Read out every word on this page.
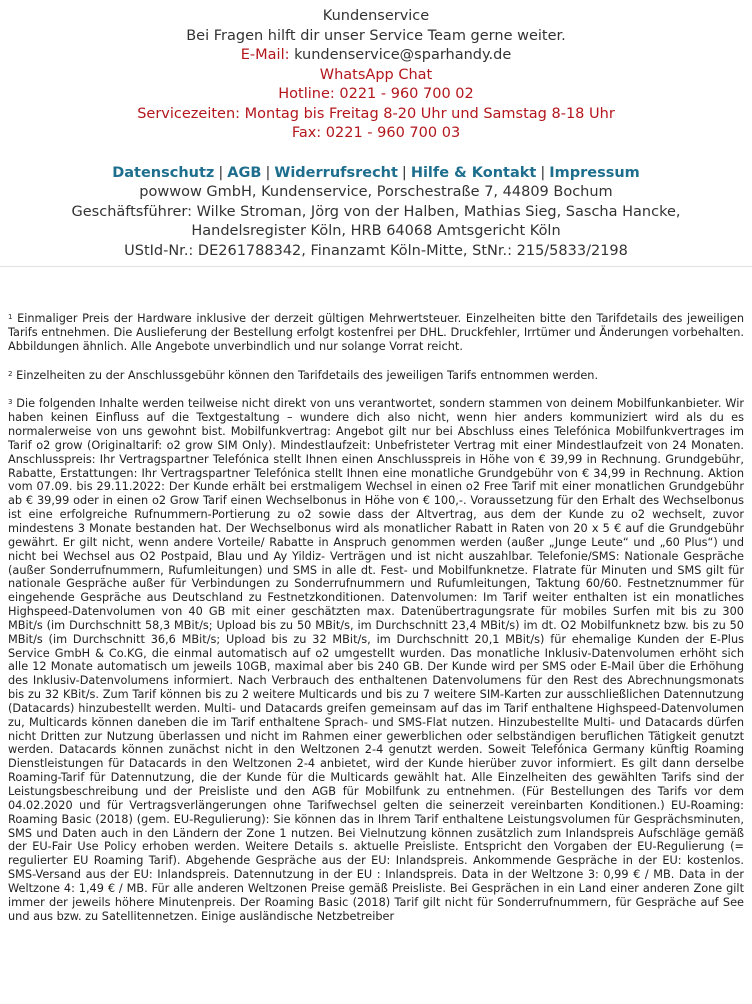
Kundenservice
Bei Fragen hilft dir unser Service Team gerne weiter.
E-Mail: kundenservice@sparhandy.de
WhatsApp Chat
Hotline: 0221 - 960 700 02
Servicezeiten: Montag bis Freitag 8-20 Uhr und Samstag 8-18 Uhr
Fax: 0221 - 960 700 03
Datenschutz | AGB | Widerrufsrecht | Hilfe & Kontakt | Impressum
powwow GmbH, Kundenservice, Porschestraße 7, 44809 Bochum
Geschäftsführer: Wilke Stroman, Jörg von der Halben, Mathias Sieg, Sascha Hancke,
Handelsregister Köln, HRB 64068 Amtsgericht Köln
UStId-Nr.: DE261788342, Finanzamt Köln-Mitte, StNr.: 215/5833/2198

$^1$ Einmaliger Preis der Hardware inklusive der derzeit gültigen Mehrwertsteuer. Einzelheiten bitte den Tarifdetails des jeweiligen Tarifs entnehmen. Die Auslieferung der Bestellung erfolgt kostenfrei per DHL. Druckfehler, Irrtümer und Änderungen vorbehalten. Abbildungen ähnlich. Alle Angebote unverbindlich und nur solange Vorrat reicht.

$^2$ Einzelheiten zu der Anschlussgebühr können den Tarifdetails des jeweiligen Tarifs entnommen werden.

$^3$ Die folgenden Inhalte werden teilweise nicht direkt von uns verantwortet, sondern stammen von deinem Mobilfunkanbieter. Wir haben keinen Einfluss auf die Textgestaltung – wundere dich also nicht, wenn hier anders kommuniziert wird als du es normalerweise von uns gewohnt bist. Mobilfunkvertrag: Angebot gilt nur bei Abschluss eines Telefónica Mobilfunkvertrages im Tarif o2 grow (Originaltarif: o2 grow SIM Only). Mindestlaufzeit: Unbefristeter Vertrag mit einer Mindestlaufzeit von 24 Monaten. Anschlusspreis: Ihr Vertragspartner Telefónica stellt Ihnen einen Anschlusspreis in Höhe von € 39,99 in Rechnung. Grundgebühr, Rabatte, Erstattungen: Ihr Vertragspartner Telefónica stellt Ihnen eine monatliche Grundgebühr von € 34,99 in Rechnung. Aktion vom 07.09. bis 29.11.2022: Der Kunde erhält bei erstmaligem Wechsel in einen o2 Free Tarif mit einer monatlichen Grundgebühr ab € 39,99 oder in einen o2 Grow Tarif einen Wechselbonus in Höhe von € 100,-. Voraussetzung für den Erhalt des Wechselbonus ist eine erfolgreiche Rufnummern-Portierung zu o2 sowie dass der Altvertrag, aus dem der Kunde zu o2 wechselt, zuvor mindestens 3 Monate bestanden hat. Der Wechselbonus wird als monatlicher Rabatt in Raten von 20 x 5 € auf die Grundgebühr gewährt. Er gilt nicht, wenn andere Vorteile/ Rabatte in Anspruch genommen werden (außer „Junge Leute“ und „60 Plus“) und nicht bei Wechsel aus O2 Postpaid, Blau und Ay Yildiz- Verträgen und ist nicht auszahlbar. Telefonie/SMS: Nationale Gespräche (außer Sonderrufnummern, Rufumleitungen) und SMS in alle dt. Fest- und Mobilfunknetze. Flatrate für Minuten und SMS gilt für nationale Gespräche außer für Verbindungen zu Sonderrufnummern und Rufumleitungen, Taktung 60/60. Festnetznummer für eingehende Gespräche aus Deutschland zu Festnetzkonditionen. Datenvolumen: Im Tarif weiter enthalten ist ein monatliches Highspeed-Datenvolumen von 40 GB mit einer geschätzten max. Datenübertragungsrate für mobiles Surfen mit bis zu 300 MBit/s (im Durchschnitt 58,3 MBit/s; Upload bis zu 50 MBit/s, im Durchschnitt 23,4 MBit/s) im dt. O2 Mobilfunknetz bzw. bis zu 50 MBit/s (im Durchschnitt 36,6 MBit/s; Upload bis zu 32 MBit/s, im Durchschnitt 20,1 MBit/s) für ehemalige Kunden der E-Plus Service GmbH & Co.KG, die einmal automatisch auf o2 umgestellt wurden. Das monatliche Inklusiv-Datenvolumen erhöht sich alle 12 Monate automatisch um jeweils 10GB, maximal aber bis 240 GB. Der Kunde wird per SMS oder E-Mail über die Erhöhung des Inklusiv-Datenvolumens informiert. Nach Verbrauch des enthaltenen Datenvolumens für den Rest des Abrechnungsmonats bis zu 32 KBit/s. Zum Tarif können bis zu 2 weitere Multicards und bis zu 7 weitere SIM-Karten zur ausschließlichen Datennutzung (Datacards) hinzubestellt werden. Multi- und Datacards greifen gemeinsam auf das im Tarif enthaltene Highspeed-Datenvolumen zu, Multicards können daneben die im Tarif enthaltene Sprach- und SMS-Flat nutzen. Hinzubestellte Multi- und Datacards dürfen nicht Dritten zur Nutzung überlassen und nicht im Rahmen einer gewerblichen oder selbständigen beruflichen Tätigkeit genutzt werden. Datacards können zunächst nicht in den Weltzonen 2-4 genutzt werden. Soweit Telefónica Germany künftig Roaming Dienstleistungen für Datacards in den Weltzonen 2-4 anbietet, wird der Kunde hierüber zuvor informiert. Es gilt dann derselbe Roaming-Tarif für Datennutzung, die der Kunde für die Multicards gewählt hat. Alle Einzelheiten des gewählten Tarifs sind der Leistungsbeschreibung und der Preisliste und den AGB für Mobilfunk zu entnehmen. (Für Bestellungen des Tarifs vor dem 04.02.2020 und für Vertragsverlängerungen ohne Tarifwechsel gelten die seinerzeit vereinbarten Konditionen.) EU-Roaming: Roaming Basic (2018) (gem. EU-Regulierung): Sie können das in Ihrem Tarif enthaltene Leistungsvolumen für Gesprächsminuten, SMS und Daten auch in den Ländern der Zone 1 nutzen. Bei Vielnutzung können zusätzlich zum Inlandspreis Aufschläge gemäß der EU-Fair Use Policy erhoben werden. Weitere Details s. aktuelle Preisliste. Entspricht den Vorgaben der EU-Regulierung (= regulierter EU Roaming Tarif). Abgehende Gespräche aus der EU: Inlandspreis. Ankommende Gespräche in der EU: kostenlos. SMS-Versand aus der EU: Inlandspreis. Datennutzung in der EU : Inlandspreis. Data in der Weltzone 3: 0,99 € / MB. Data in der Weltzone 4: 1,49 € / MB. Für alle anderen Weltzonen Preise gemäß Preisliste. Bei Gesprächen in ein Land einer anderen Zone gilt immer der jeweils höhere Minutenpreis. Der Roaming Basic (2018) Tarif gilt nicht für Sonderrufnummern, für Gespräche auf See und aus bzw. zu Satellitennetzen. Einige ausländische Netzbetreiber
